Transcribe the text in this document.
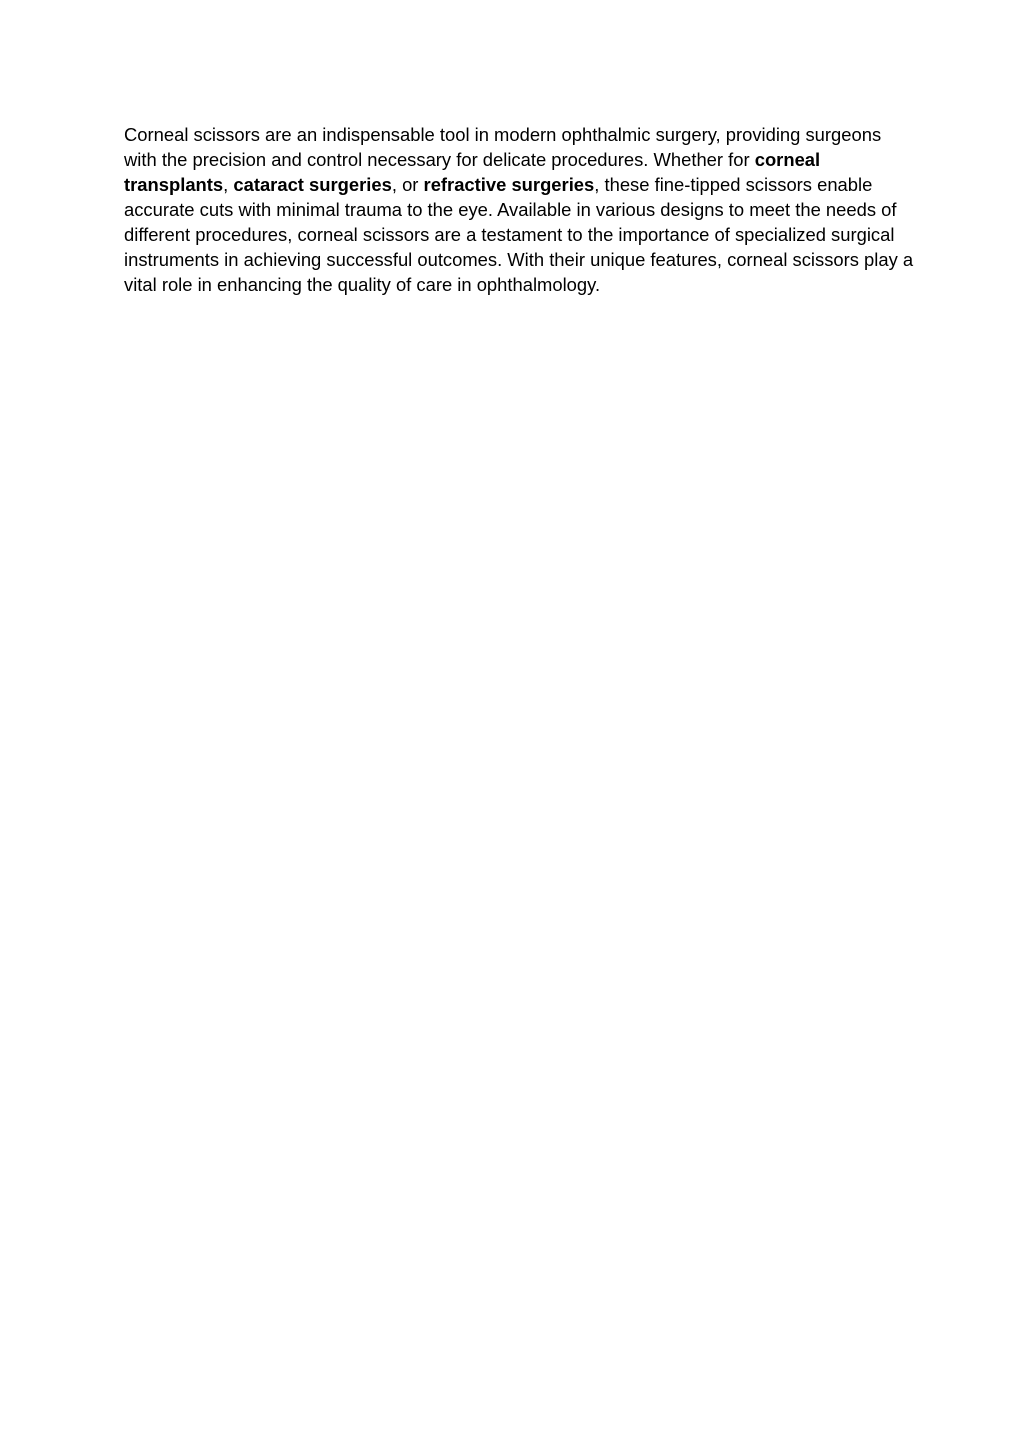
Corneal scissors are an indispensable tool in modern ophthalmic surgery, providing surgeons with the precision and control necessary for delicate procedures. Whether for corneal transplants, cataract surgeries, or refractive surgeries, these fine-tipped scissors enable accurate cuts with minimal trauma to the eye. Available in various designs to meet the needs of different procedures, corneal scissors are a testament to the importance of specialized surgical instruments in achieving successful outcomes. With their unique features, corneal scissors play a vital role in enhancing the quality of care in ophthalmology.
